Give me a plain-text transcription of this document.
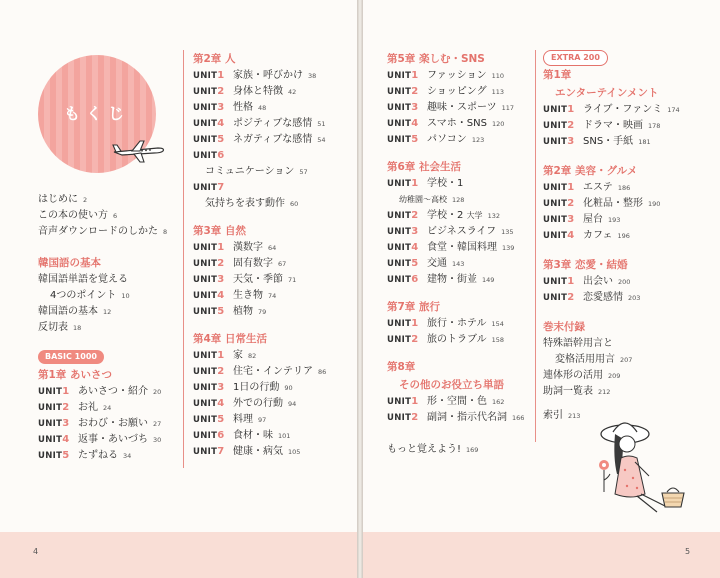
もくじ
はじめに 2
この本の使い方 6
音声ダウンロードのしかた 8
韓国語の基本
韓国語単語を覚える
4つのポイント 10
韓国語の基本 12
反切表 18
BASIC 1000
第1章 あいさつ
UNIT1 あいさつ・紹介 20
UNIT2 お礼 24
UNIT3 おわび・お願い 27
UNIT4 返事・あいづち 30
UNIT5 たずねる 34
第2章 人
UNIT1 家族・呼びかけ 38
UNIT2 身体と特徴 42
UNIT3 性格 48
UNIT4 ポジティブな感情 51
UNIT5 ネガティブな感情 54
UNIT6
コミュニケーション 57
UNIT7
気持ちを表す動作 60
第3章 自然
UNIT1 漢数字 64
UNIT2 固有数字 67
UNIT3 天気・季節 71
UNIT4 生き物 74
UNIT5 植物 79
第4章 日常生活
UNIT1 家 82
UNIT2 住宅・インテリア 86
UNIT3 1日の行動 90
UNIT4 外での行動 94
UNIT5 料理 97
UNIT6 食材・味 101
UNIT7 健康・病気 105
4
第5章 楽しむ・SNS
UNIT1 ファッション 110
UNIT2 ショッピング 113
UNIT3 趣味・スポーツ 117
UNIT4 スマホ・SNS 120
UNIT5 パソコン 123
第6章 社会生活
UNIT1 学校・1
幼稚園〜高校 128
UNIT2 学校・2 大学 132
UNIT3 ビジネスライフ 135
UNIT4 食堂・韓国料理 139
UNIT5 交通 143
UNIT6 建物・街並 149
第7章 旅行
UNIT1 旅行・ホテル 154
UNIT2 旅のトラブル 158
第8章
その他のお役立ち単語
UNIT1 形・空間・色 162
UNIT2 副詞・指示代名詞 166
もっと覚えよう! 169
EXTRA 200
第1章
エンターテインメント
UNIT1 ライブ・ファンミ 174
UNIT2 ドラマ・映画 178
UNIT3 SNS・手紙 181
第2章 美容・グルメ
UNIT1 エステ 186
UNIT2 化粧品・整形 190
UNIT3 屋台 193
UNIT4 カフェ 196
第3章 恋愛・結婚
UNIT1 出会い 200
UNIT2 恋愛感情 203
巻末付録
特殊語幹用言と
変格活用用言 207
連体形の活用 209
助詞一覧表 212
索引 213
5
